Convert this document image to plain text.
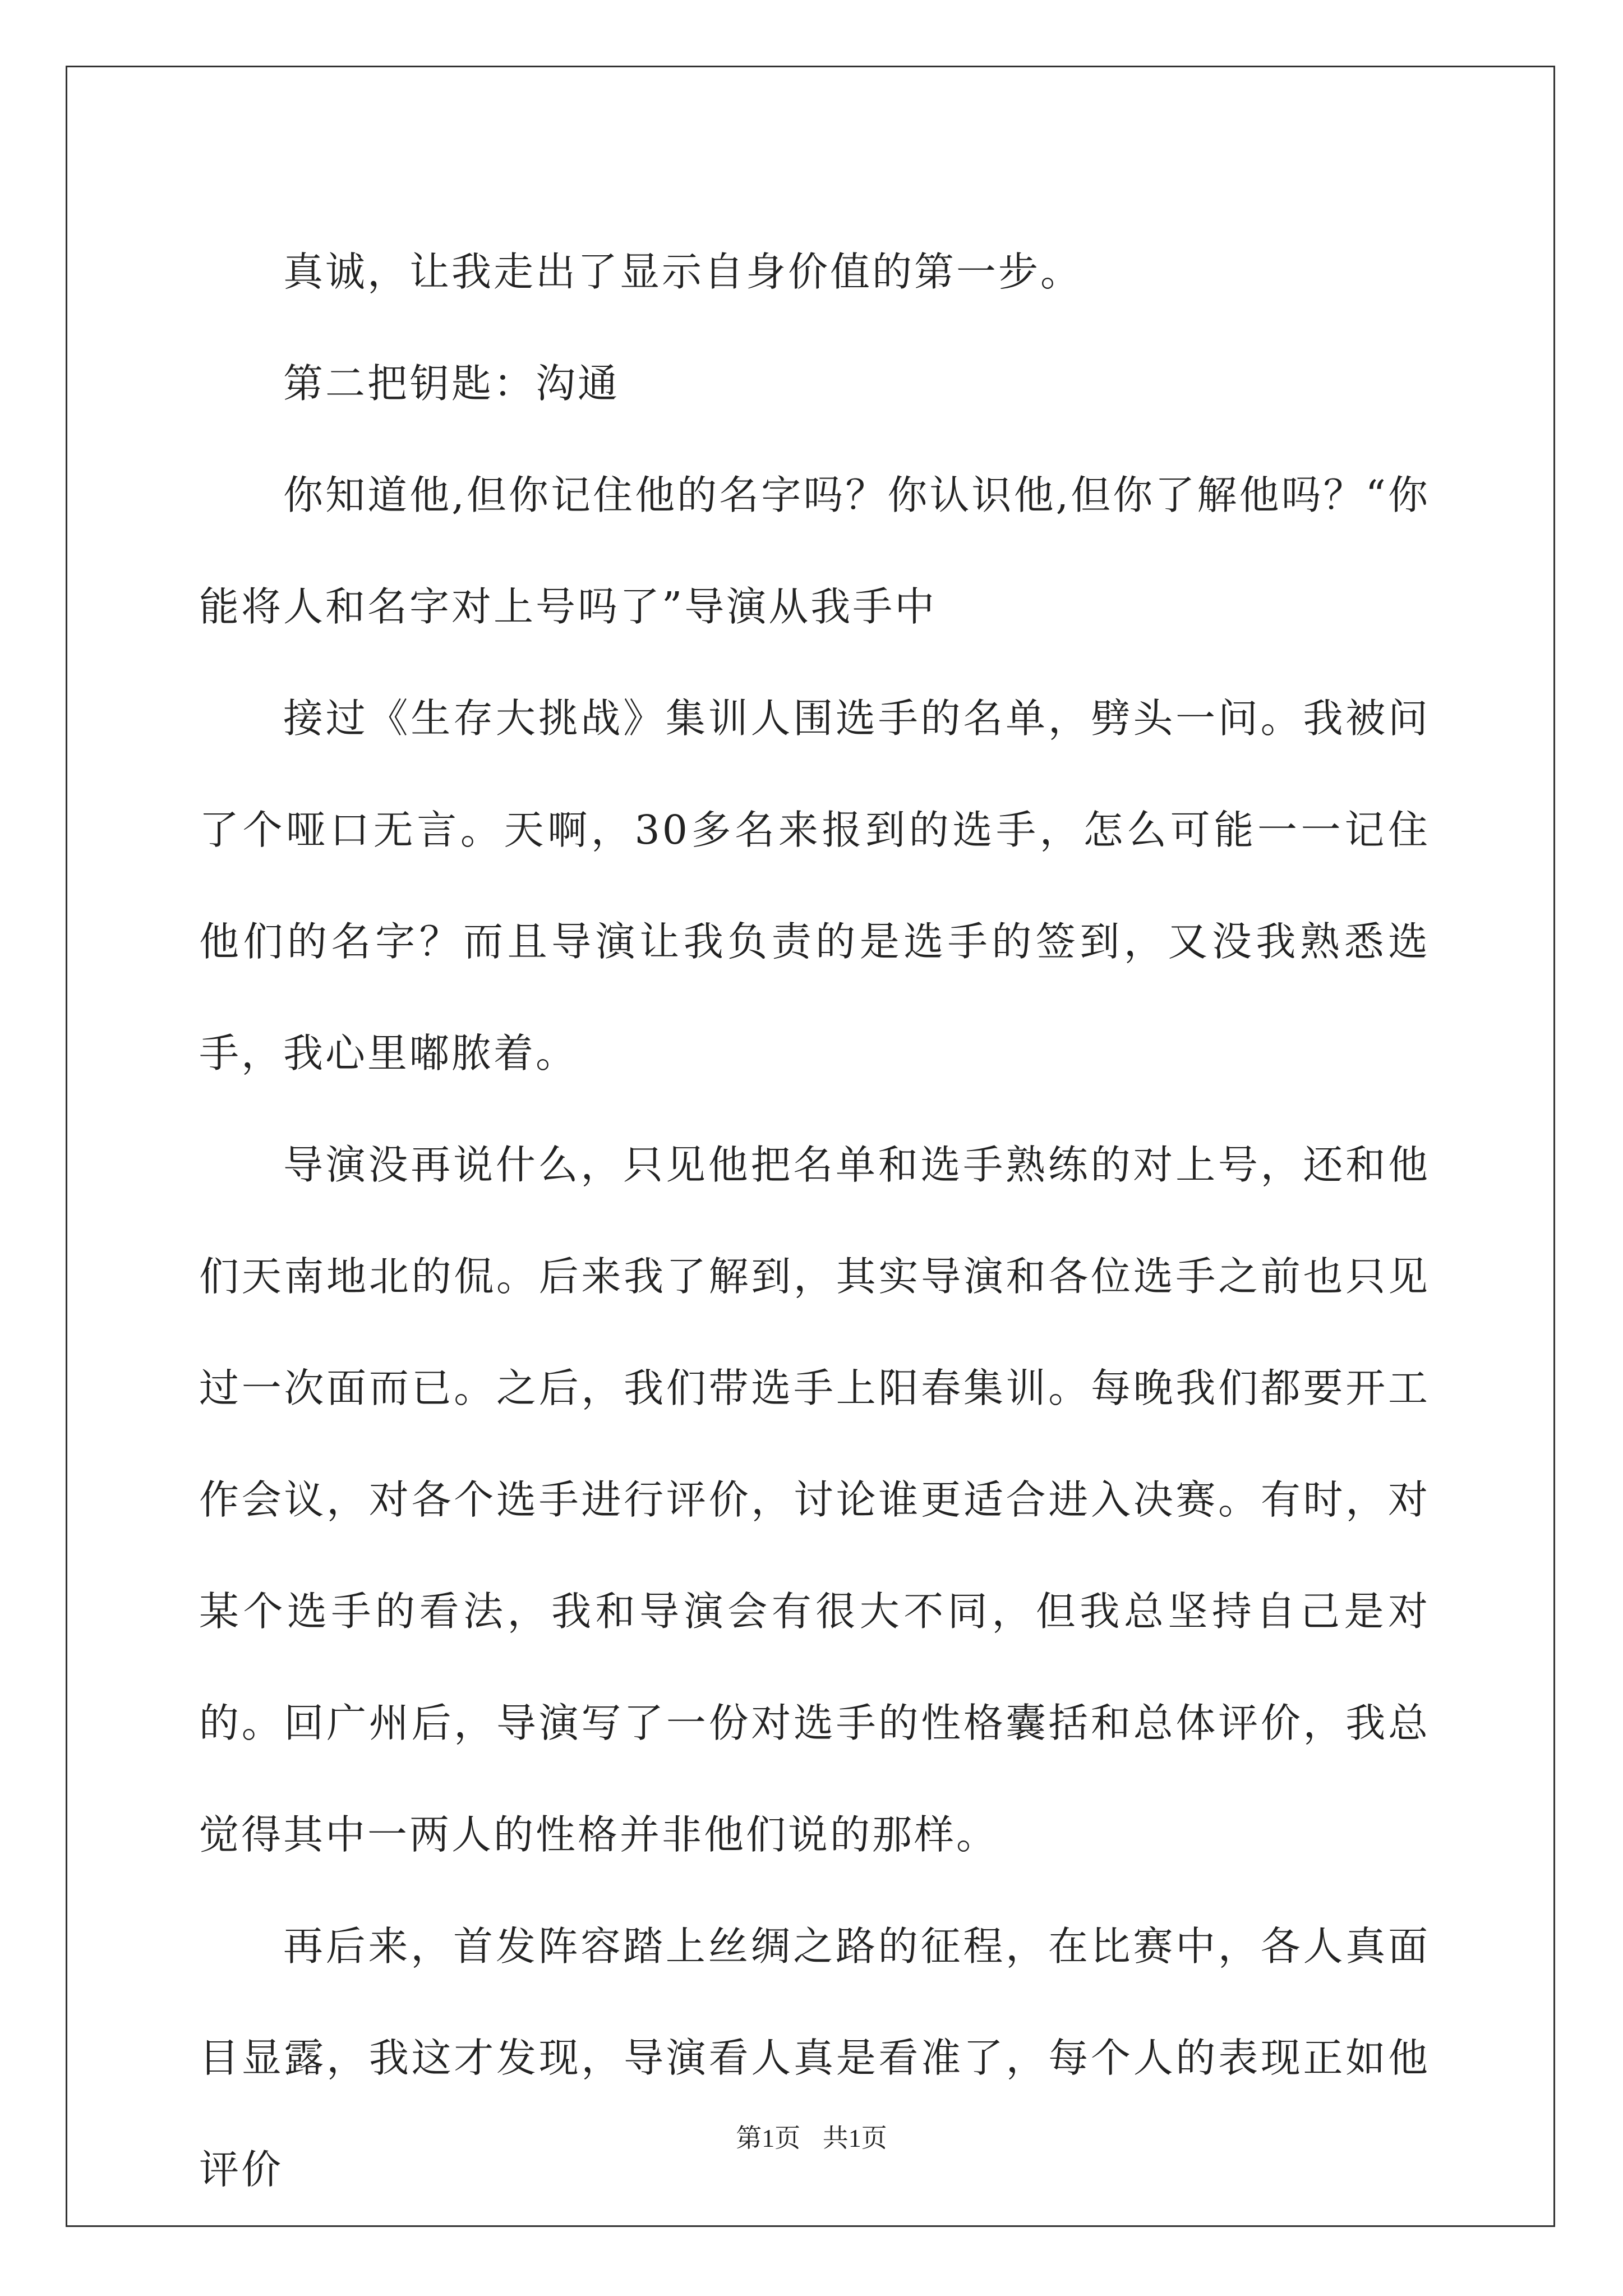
真诚，让我走出了显示自身价值的第一步。

第二把钥匙：沟通

你知道他,但你记住他的名字吗？你认识他,但你了解他吗？“你能将人和名字对上号吗了”导演从我手中

接过《生存大挑战》集训人围选手的名单，劈头一问。我被问了个哑口无言。天啊，30多名来报到的选手，怎么可能一一记住他们的名字？而且导演让我负责的是选手的签到，又没我熟悉选手，我心里嘟脓着。

导演没再说什么，只见他把名单和选手熟练的对上号，还和他们天南地北的侃。后来我了解到，其实导演和各位选手之前也只见过一次面而已。之后，我们带选手上阳春集训。每晚我们都要开工作会议，对各个选手进行评价，讨论谁更适合进入决赛。有时，对某个选手的看法，我和导演会有很大不同，但我总坚持自己是对的。回广州后，导演写了一份对选手的性格囊括和总体评价，我总觉得其中一两人的性格并非他们说的那样。

再后来，首发阵容踏上丝绸之路的征程，在比赛中，各人真面目显露，我这才发现，导演看人真是看准了，每个人的表现正如他评价

第1页 共1页
